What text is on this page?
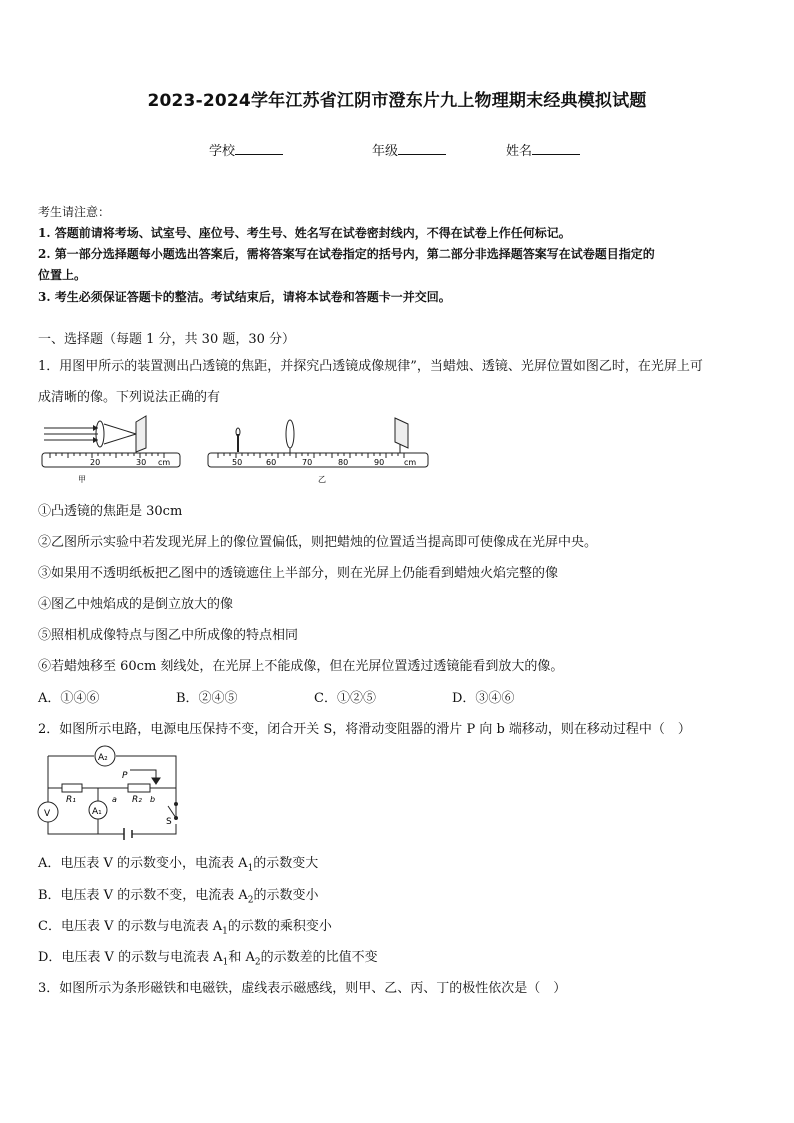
2023-2024学年江苏省江阴市澄东片九上物理期末经典模拟试题
学校	年级	姓名
考生请注意：
1. 答题前请将考场、试室号、座位号、考生号、姓名写在试卷密封线内，不得在试卷上作任何标记。
2. 第一部分选择题每小题选出答案后，需将答案写在试卷指定的括号内，第二部分非选择题答案写在试卷题目指定的
位置上。
3. 考生必须保证答题卡的整洁。考试结束后，请将本试卷和答题卡一并交回。
一、选择题（每题 1 分，共 30 题，30 分）
1．用图甲所示的装置测出凸透镜的焦距，并探究凸透镜成像规律”，当蜡烛、透镜、光屏位置如图乙时，在光屏上可
成清晰的像。下列说法正确的有
20	30 cm
甲
50	60	70	80	90 cm
乙
①凸透镜的焦距是 30cm
②乙图所示实验中若发现光屏上的像位置偏低，则把蜡烛的位置适当提高即可使像成在光屏中央。
③如果用不透明纸板把乙图中的透镜遮住上半部分，则在光屏上仍能看到蜡烛火焰完整的像
④图乙中烛焰成的是倒立放大的像
⑤照相机成像特点与图乙中所成像的特点相同
⑥若蜡烛移至 60cm 刻线处，在光屏上不能成像，但在光屏位置透过透镜能看到放大的像。
A．①④⑥	B．②④⑤	C．①②⑤	D．③④⑥
2．如图所示电路，电源电压保持不变，闭合开关 S，将滑动变阻器的滑片 P 向 b 端移动，则在移动过程中（　）
A₂
A₁
V
R₁	R₂
P
a	b
S
A．电压表 V 的示数变小，电流表 $A_1$的示数变大
B．电压表 V 的示数不变，电流表 $A_2$的示数变小
C．电压表 V 的示数与电流表 $A_1$的示数的乘积变小
D．电压表 V 的示数与电流表 $A_1$和 $A_2$的示数差的比值不变
3．如图所示为条形磁铁和电磁铁，虚线表示磁感线，则甲、乙、丙、丁的极性依次是（　）
